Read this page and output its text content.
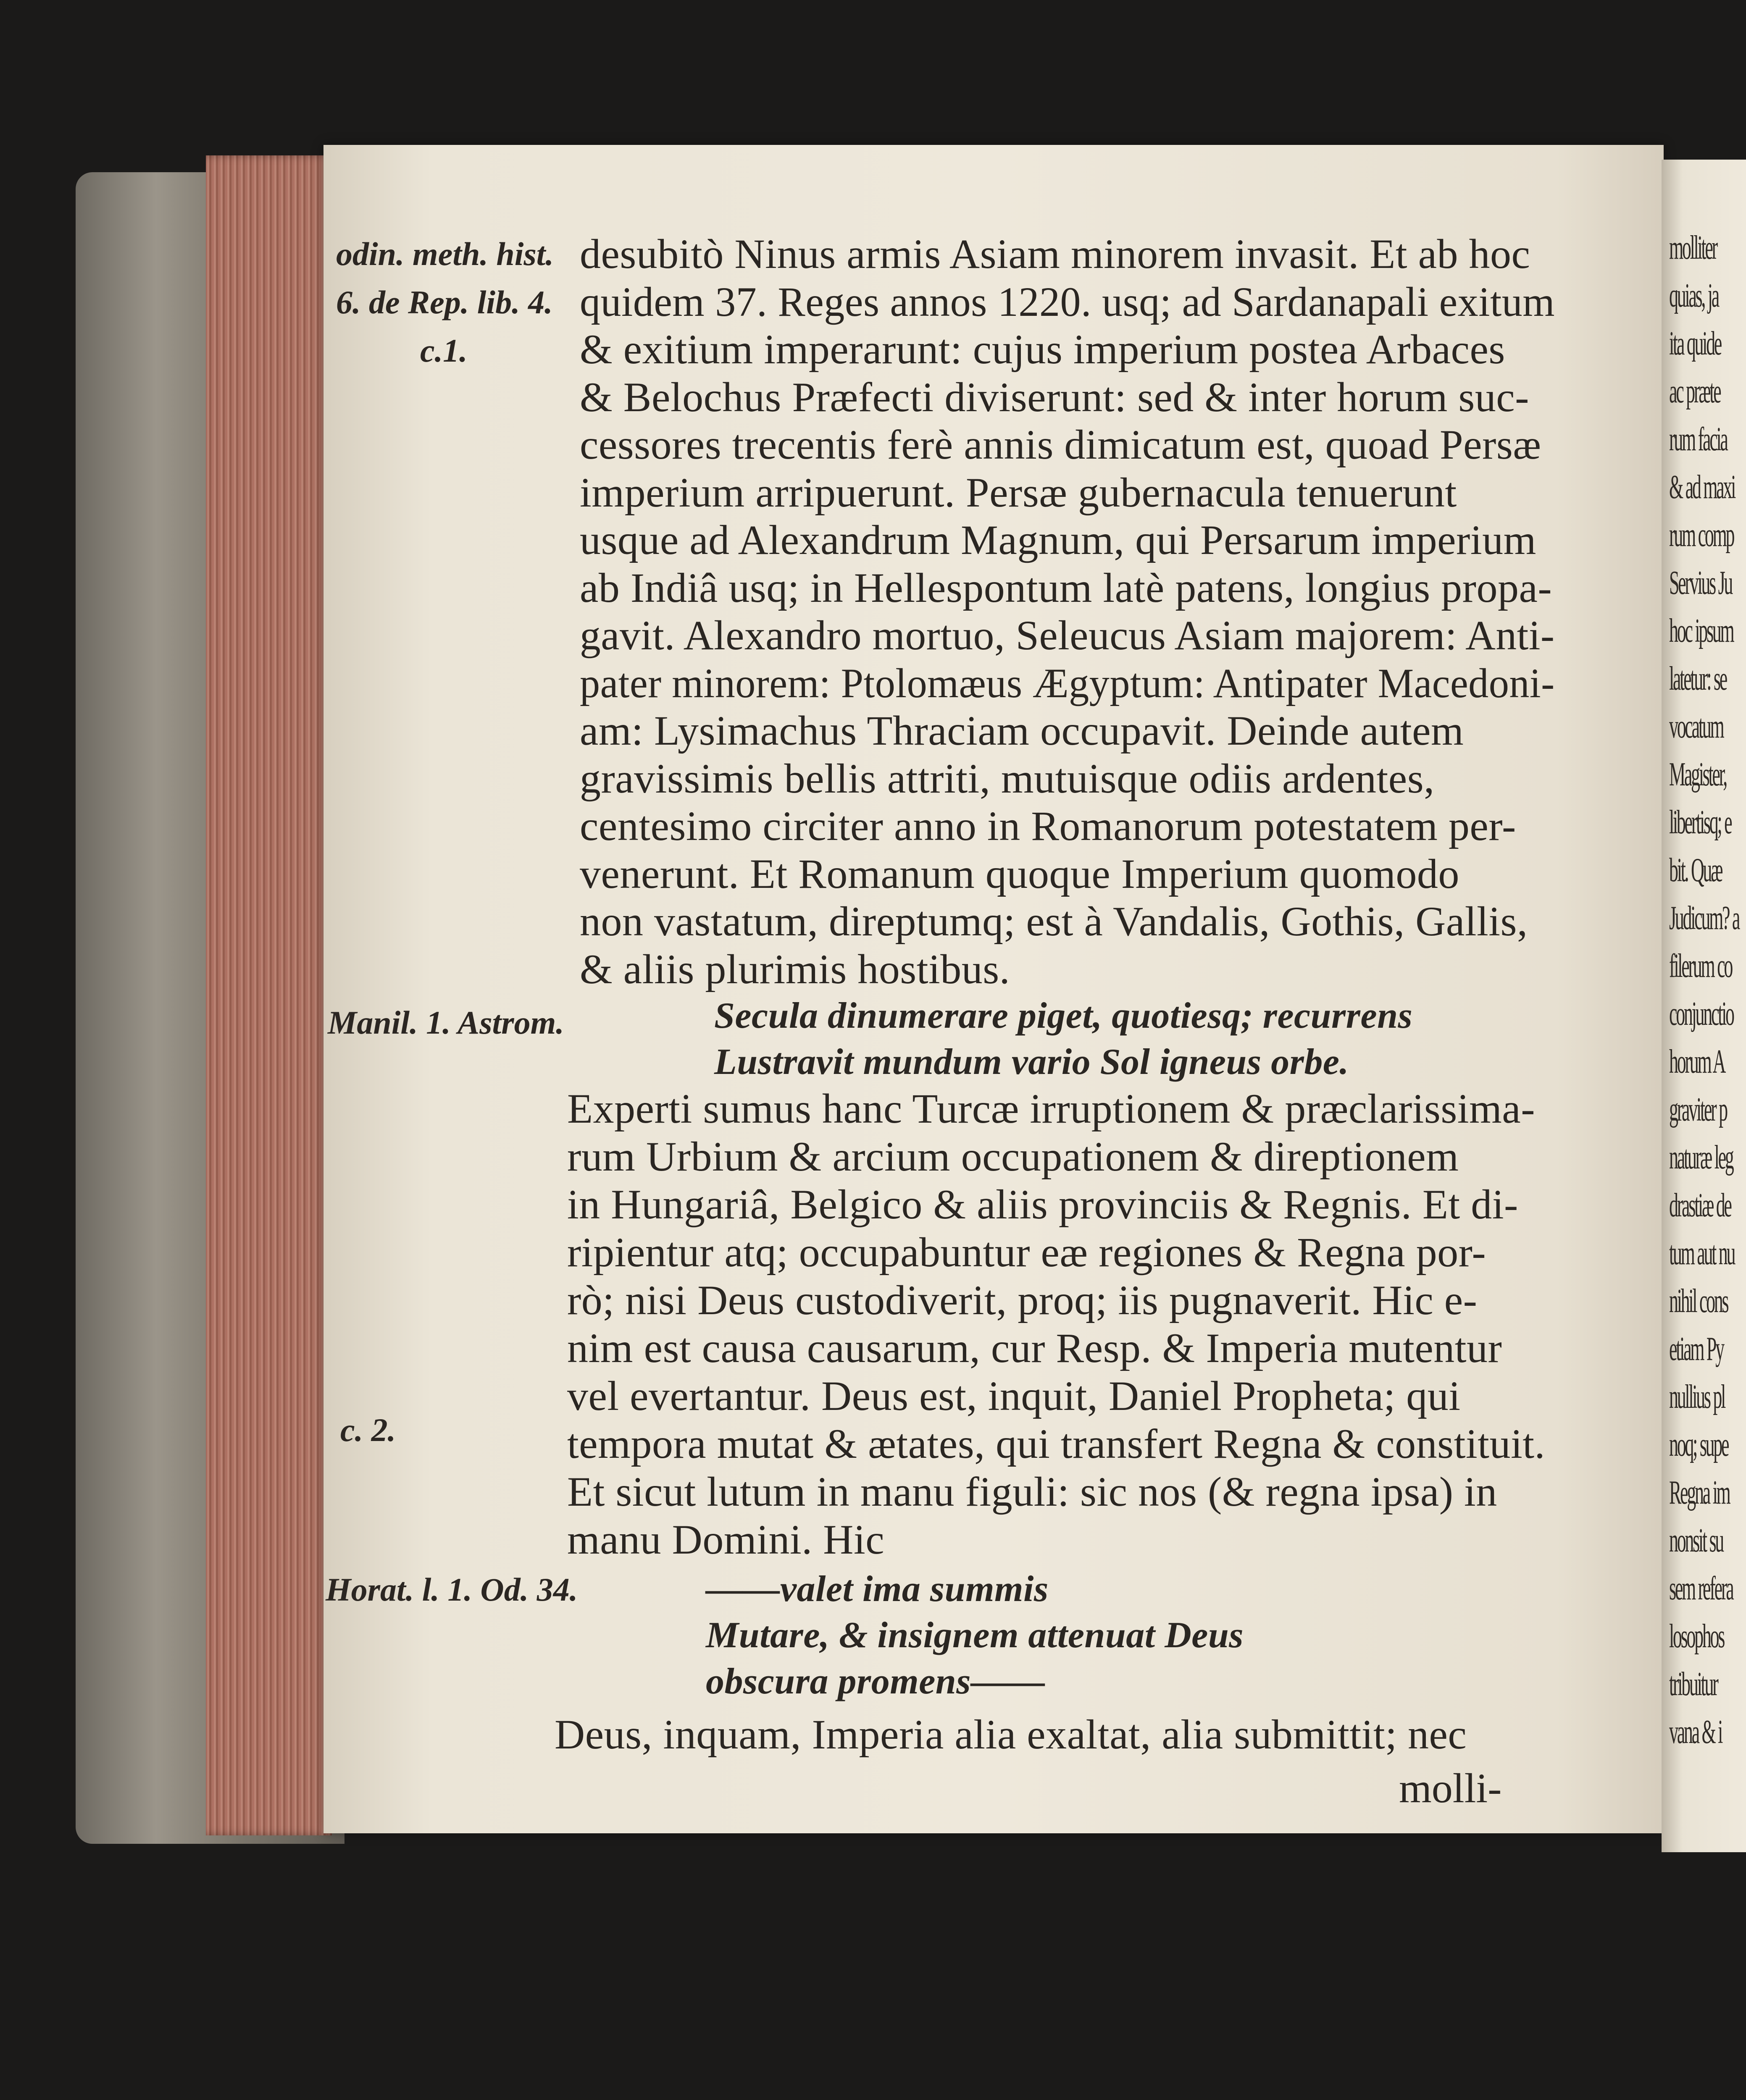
molliter
quias, ja
ita quide
ac præte
rum facia
& ad maxi
rum comp
Servius Ju
hoc ipsum
latetur: se
vocatum
Magister,
libertisq; e
bit. Quæ
Judicum? a
filerum co
conjunctio
horum A
graviter p
naturæ leg
drastiæ de
tum aut nu
nihil cons
etiam Py
nullius pl
noq; supe
Regna im
nonsit su
sem refera
losophos
tribuitur
vana & i
odin. meth. hist.
6. de Rep. lib. 4.
c.1.
Manil. 1. Astrom.
c. 2.
Horat. l. 1. Od. 34.
Secula dinumerare piget, quotiesq; recurrens
Lustravit mundum vario Sol igneus orbe.
——valet ima summis
Mutare, & insignem attenuat Deus
obscura promens——
Deus, inquam, Imperia alia exaltat, alia submittit; nec
molli-
desubitò Ninus armis Asiam minorem invasit. Et ab hoc
quidem 37. Reges annos 1220. usq; ad Sardanapali exitum
& exitium imperarunt: cujus imperium postea Arbaces
& Belochus Præfecti diviserunt: sed & inter horum suc-
cessores trecentis ferè annis dimicatum est, quoad Persæ
imperium arripuerunt. Persæ gubernacula tenuerunt
usque ad Alexandrum Magnum, qui Persarum imperium
ab Indiâ usq; in Hellespontum latè patens, longius propa-
gavit. Alexandro mortuo, Seleucus Asiam majorem: Anti-
pater minorem: Ptolomæus Ægyptum: Antipater Macedoni-
am: Lysimachus Thraciam occupavit. Deinde autem
gravissimis bellis attriti, mutuisque odiis ardentes,
centesimo circiter anno in Romanorum potestatem per-
venerunt. Et Romanum quoque Imperium quomodo
non vastatum, direptumq; est à Vandalis, Gothis, Gallis,
& aliis plurimis hostibus.
Experti sumus hanc Turcæ irruptionem & præclarissima-
rum Urbium & arcium occupationem & direptionem
in Hungariâ, Belgico & aliis provinciis & Regnis. Et di-
ripientur atq; occupabuntur eæ regiones & Regna por-
rò; nisi Deus custodiverit, proq; iis pugnaverit. Hic e-
nim est causa causarum, cur Resp. & Imperia mutentur
vel evertantur. Deus est, inquit, Daniel Propheta; qui
tempora mutat & ætates, qui transfert Regna & constituit.
Et sicut lutum in manu figuli: sic nos (& regna ipsa) in
manu Domini. Hic
